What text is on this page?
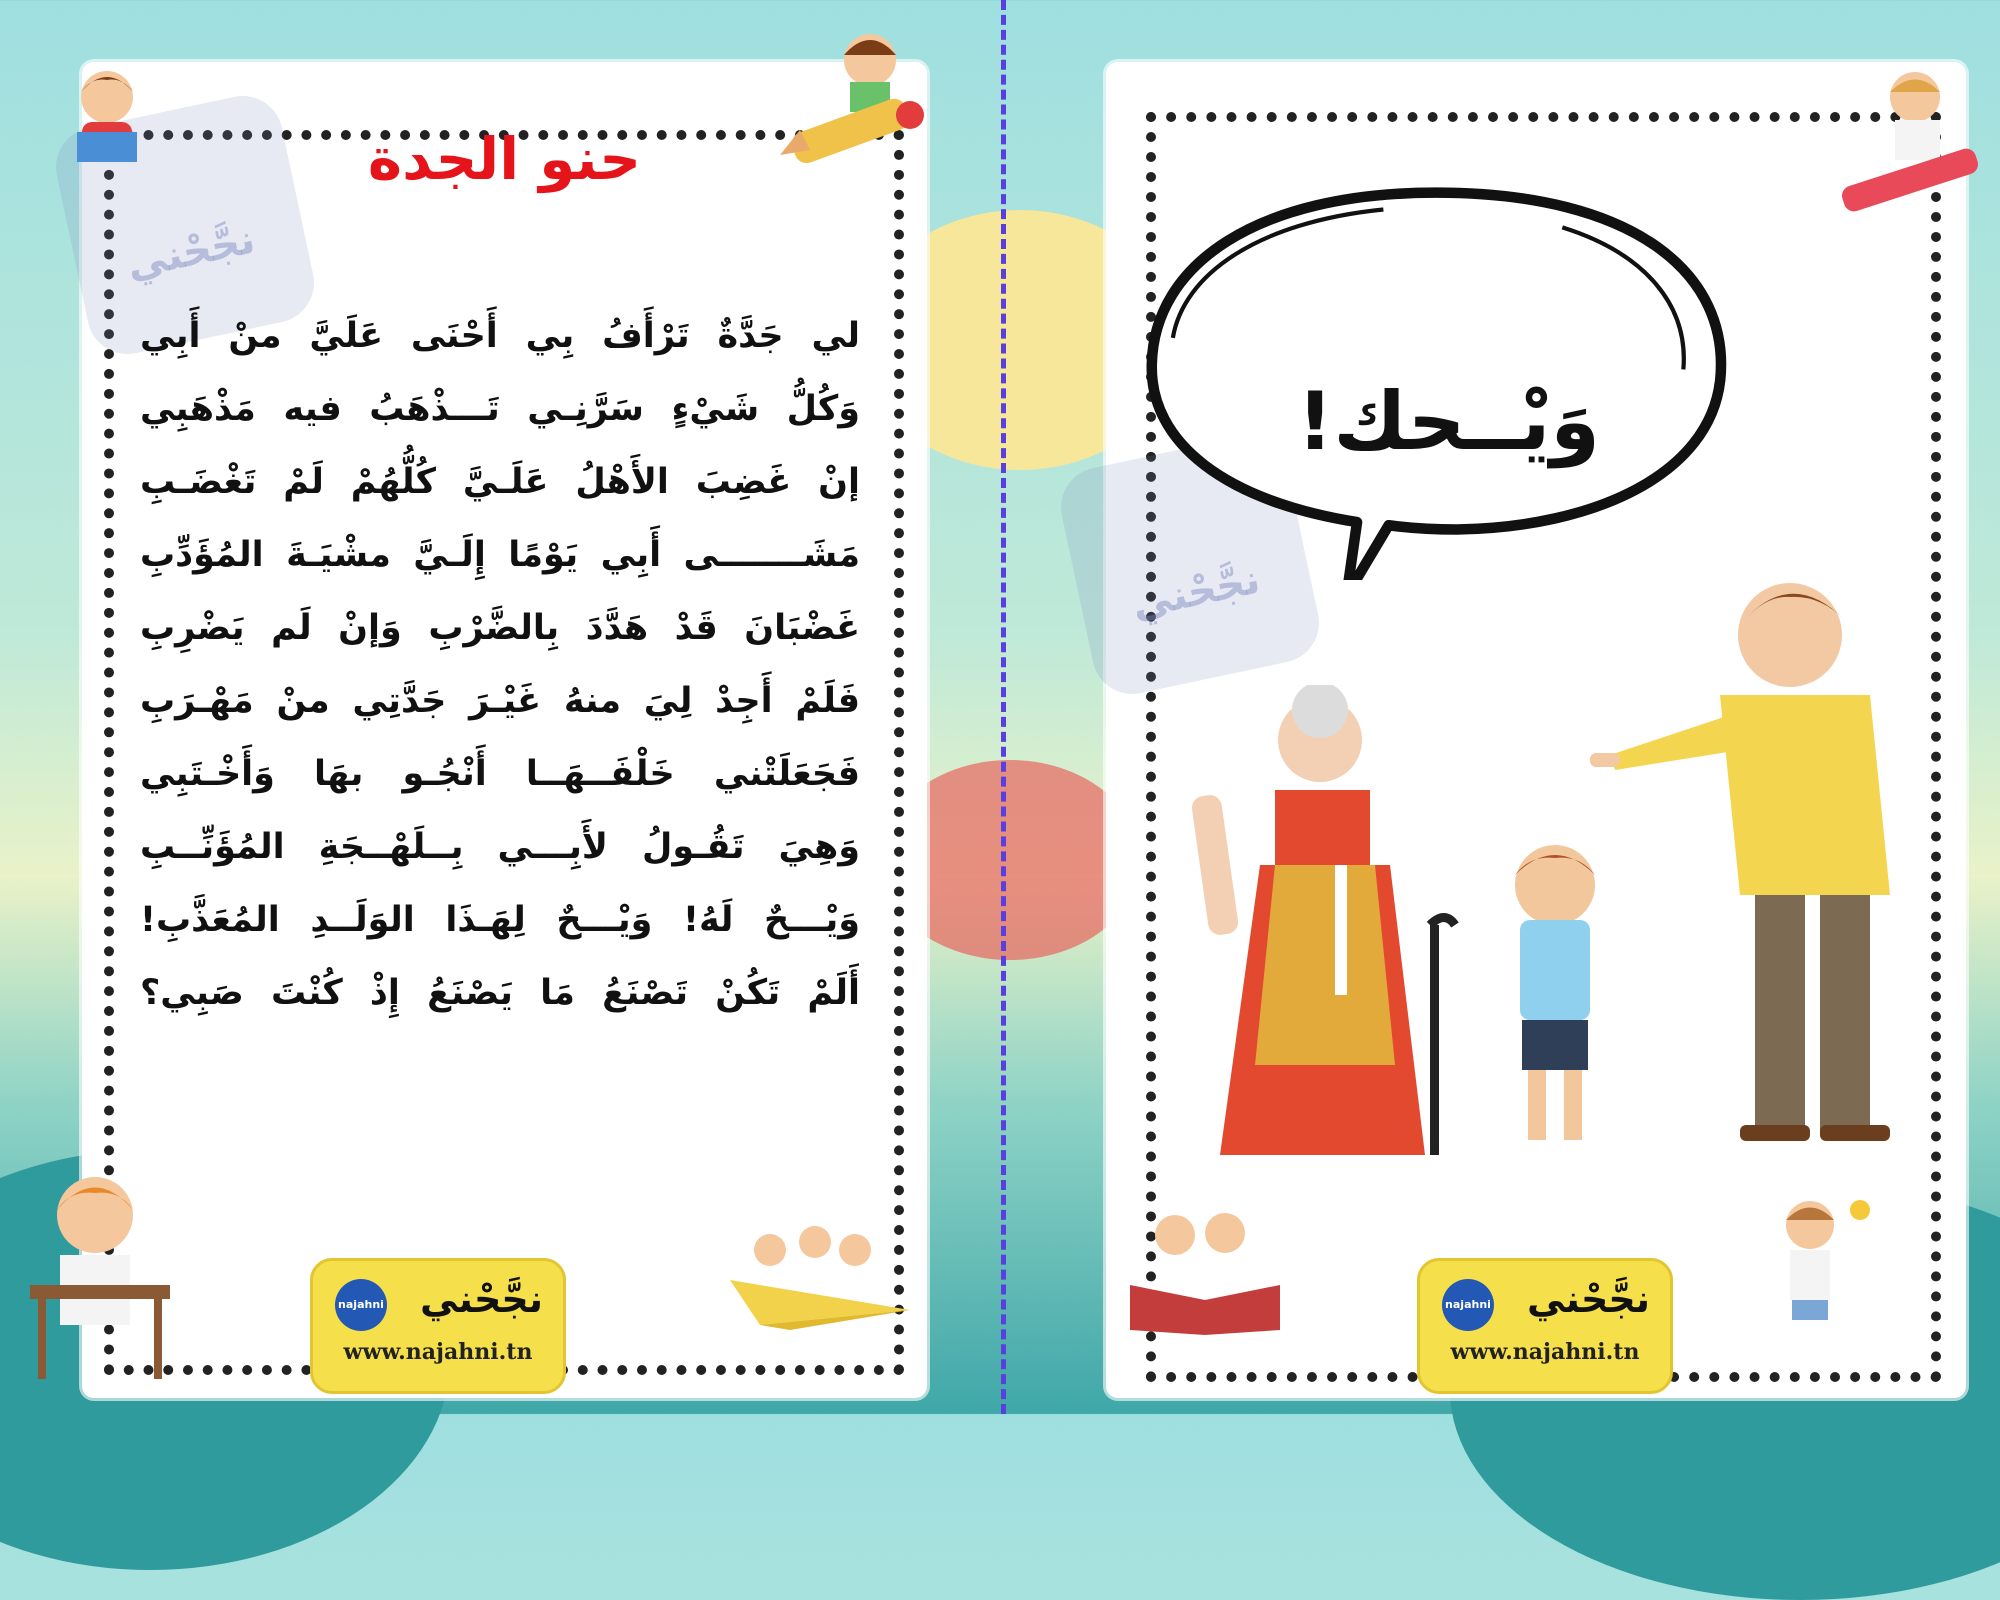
نجَّحْني
حنو الجدة
لي جَدَّةٌ تَرْأَفُ بِي أَحْنَى عَلَيَّ منْ أَبِي
وَكُلُّ شَيْءٍ سَرَّنِـي تَـــذْهَبُ فيه مَذْهَبِي
إنْ غَضِبَ الأَهْلُ عَلَـيَّ كُلُّهُمْ لَمْ تَغْضَـبِ
مَشَـــــــى أَبِي يَوْمًا إِلَـيَّ مشْيَـةَ المُؤَدِّبِ
غَضْبَانَ قَدْ هَدَّدَ بِالضَّرْبِ وَإنْ لَم يَضْرِبِ
فَلَمْ أَجِدْ لِيَ منهُ غَيْـرَ جَدَّتِي منْ مَهْـرَبِ
فَجَعَلَتْني خَلْفَــهَــا أَنْجُـو بهَا وَأَخْـتَبِي
وَهِيَ تَقُـولُ لأَبِـــي بِــلَهْــجَةِ المُؤَنِّــبِ
وَيْـــحٌ لَهُ! وَيْـــحٌ لِهَـذَا الوَلَــدِ المُعَذَّبِ!
أَلَمْ تَكُنْ تَصْنَعُ مَا يَصْنَعُ إِذْ كُنْتَ صَبِي؟
najahni نجَّحْني
www.najahni.tn
نجَّحْني
وَيْــحك!
najahni نجَّحْني
www.najahni.tn
